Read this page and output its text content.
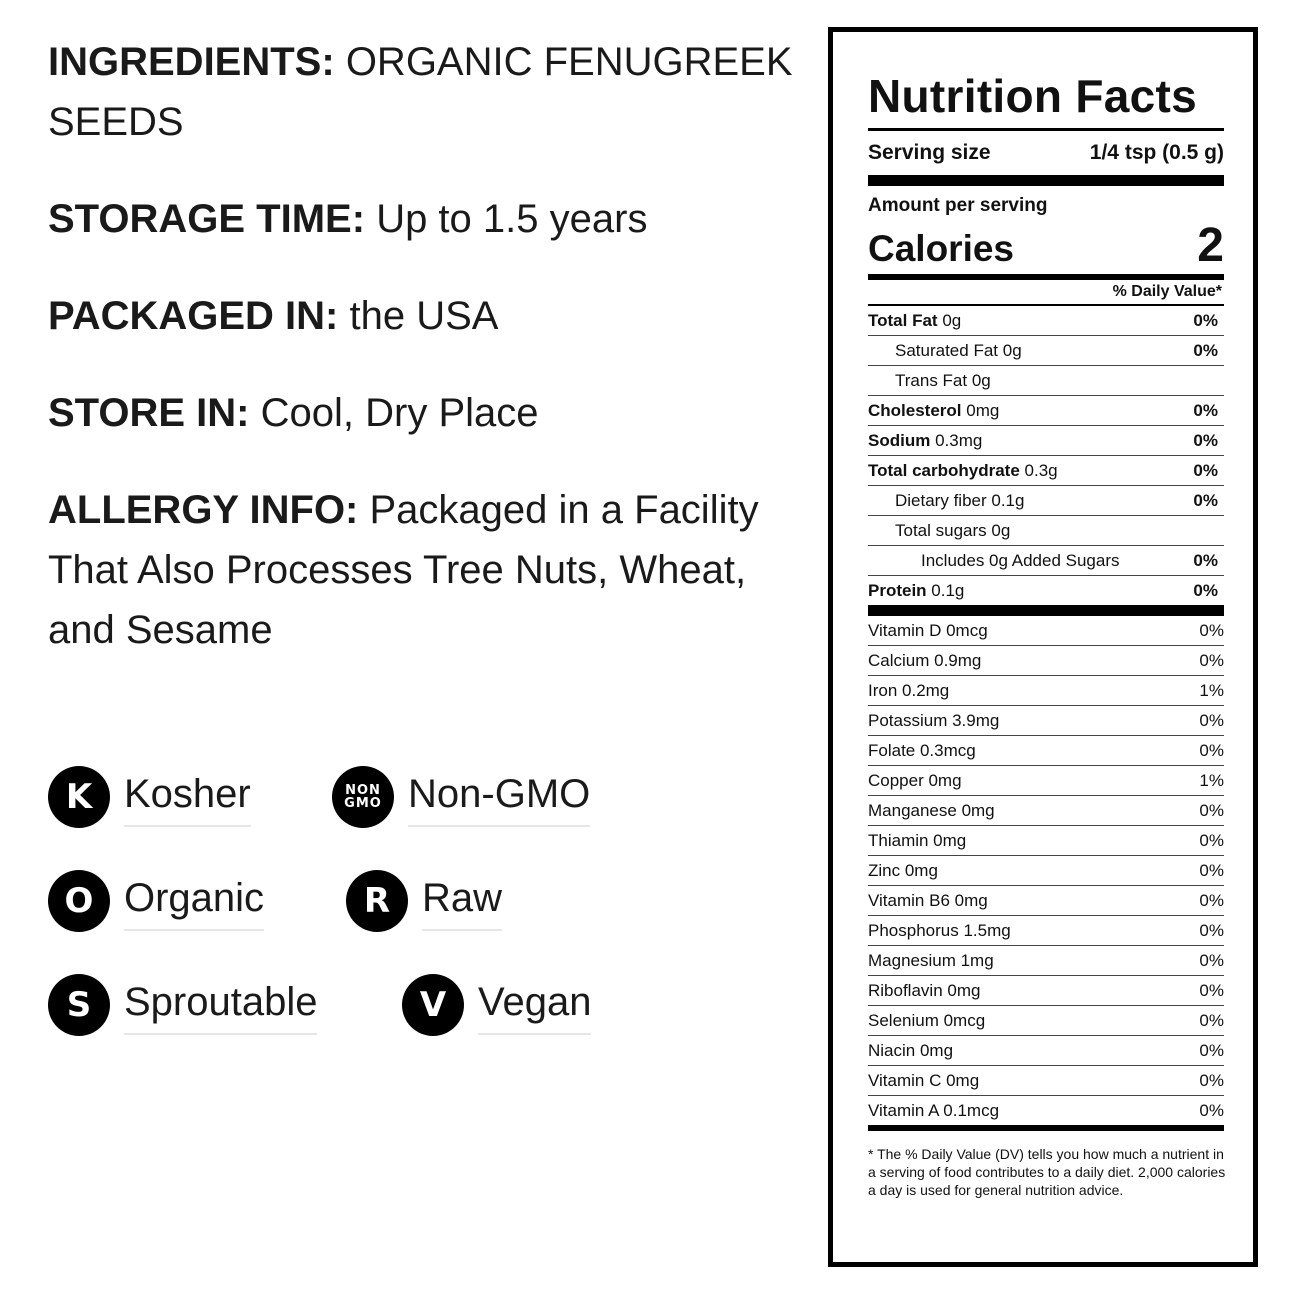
INGREDIENTS: ORGANIC FENUGREEK SEEDS

STORAGE TIME: Up to 1.5 years

PACKAGED IN: the USA

STORE IN: Cool, Dry Place

ALLERGY INFO: Packaged in a Facility That Also Processes Tree Nuts, Wheat, and Sesame

K Kosher	NON
GMO Non-GMO
O Organic	R Raw
S Sproutable	V Vegan
Nutrition Facts
Serving size	1/4 tsp (0.5 g)
Amount per serving
Calories	2
% Daily Value*
Total Fat 0g	0%
Saturated Fat 0g	0%
Trans Fat 0g
Cholesterol 0mg	0%
Sodium 0.3mg	0%
Total carbohydrate 0.3g	0%
Dietary fiber 0.1g	0%
Total sugars 0g
Includes 0g Added Sugars	0%
Protein 0.1g	0%
Vitamin D 0mcg	0%
Calcium 0.9mg	0%
Iron 0.2mg	1%
Potassium 3.9mg	0%
Folate 0.3mcg	0%
Copper 0mg	1%
Manganese 0mg	0%
Thiamin 0mg	0%
Zinc 0mg	0%
Vitamin B6 0mg	0%
Phosphorus 1.5mg	0%
Magnesium 1mg	0%
Riboflavin 0mg	0%
Selenium 0mcg	0%
Niacin 0mg	0%
Vitamin C 0mg	0%
Vitamin A 0.1mcg	0%
* The % Daily Value (DV) tells you how much a nutrient in a serving of food contributes to a daily diet. 2,000 calories a day is used for general nutrition advice.
